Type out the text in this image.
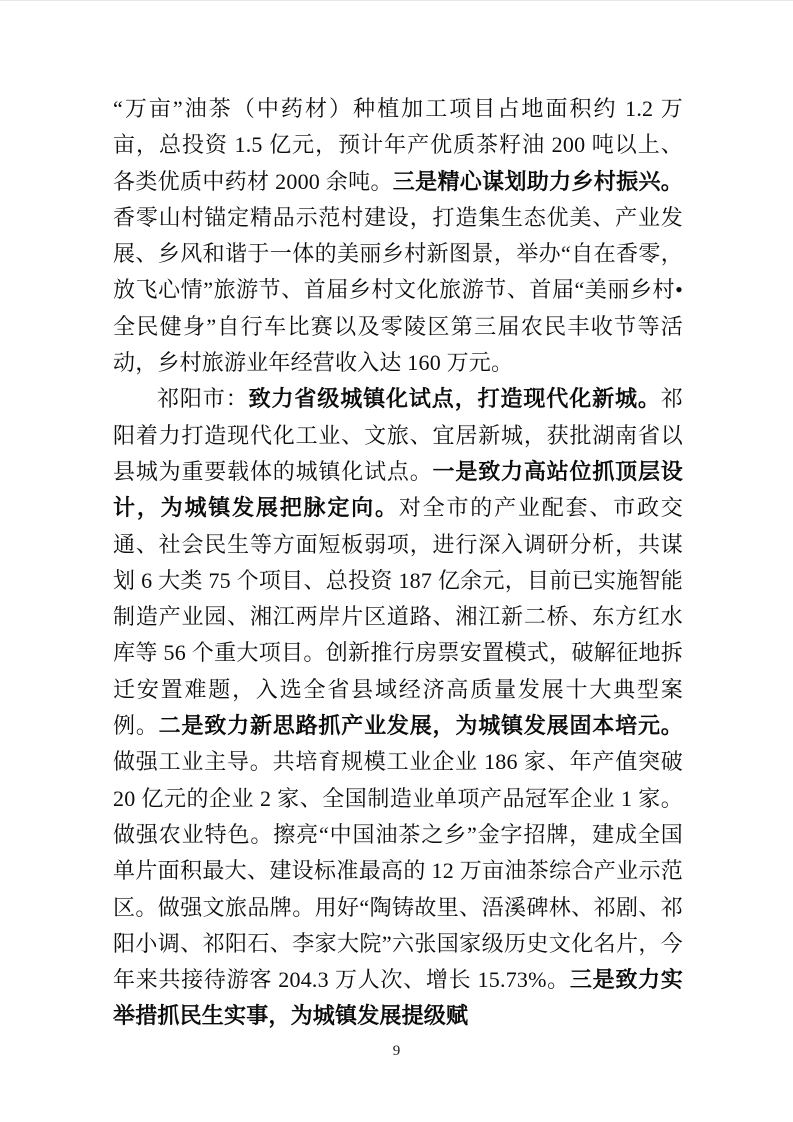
“万亩”油茶（中药材）种植加工项目占地面积约 1.2 万亩，总投资 1.5 亿元，预计年产优质茶籽油 200 吨以上、各类优质中药材 2000 余吨。三是精心谋划助力乡村振兴。香零山村锚定精品示范村建设，打造集生态优美、产业发展、乡风和谐于一体的美丽乡村新图景，举办“自在香零，放飞心情”旅游节、首届乡村文化旅游节、首届“美丽乡村•全民健身”自行车比赛以及零陵区第三届农民丰收节等活动，乡村旅游业年经营收入达 160 万元。

祁阳市：致力省级城镇化试点，打造现代化新城。祁阳着力打造现代化工业、文旅、宜居新城，获批湖南省以县城为重要载体的城镇化试点。一是致力高站位抓顶层设计，为城镇发展把脉定向。对全市的产业配套、市政交通、社会民生等方面短板弱项，进行深入调研分析，共谋划 6 大类 75 个项目、总投资 187 亿余元，目前已实施智能制造产业园、湘江两岸片区道路、湘江新二桥、东方红水库等 56 个重大项目。创新推行房票安置模式，破解征地拆迁安置难题，入选全省县域经济高质量发展十大典型案例。二是致力新思路抓产业发展，为城镇发展固本培元。做强工业主导。共培育规模工业企业 186 家、年产值突破 20 亿元的企业 2 家、全国制造业单项产品冠军企业 1 家。做强农业特色。擦亮“中国油茶之乡”金字招牌，建成全国单片面积最大、建设标准最高的 12 万亩油茶综合产业示范区。做强文旅品牌。用好“陶铸故里、浯溪碑林、祁剧、祁阳小调、祁阳石、李家大院”六张国家级历史文化名片，今年来共接待游客 204.3 万人次、增长 15.73%。三是致力实举措抓民生实事，为城镇发展提级赋

9
